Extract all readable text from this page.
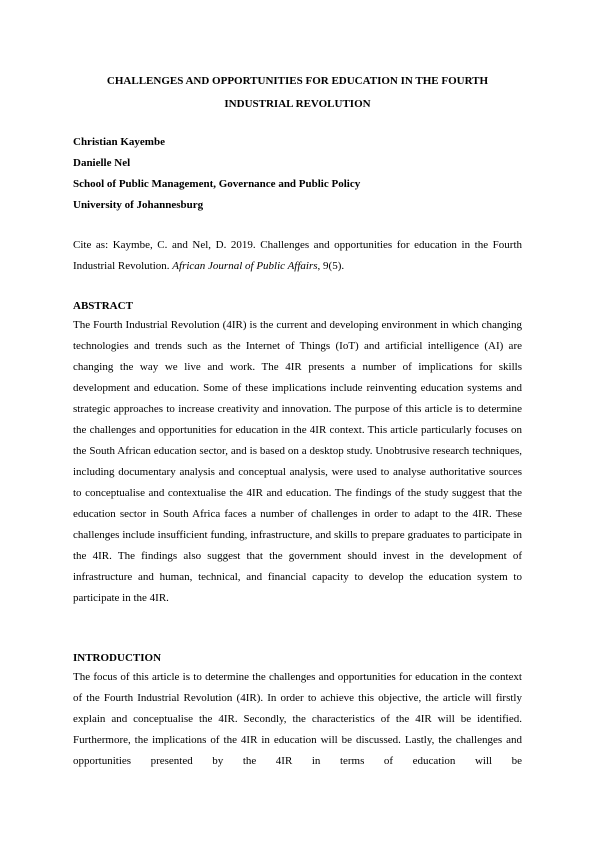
CHALLENGES AND OPPORTUNITIES FOR EDUCATION IN THE FOURTH
INDUSTRIAL REVOLUTION
Christian Kayembe
Danielle Nel
School of Public Management, Governance and Public Policy
University of Johannesburg

Cite as: Kaymbe, C. and Nel, D. 2019. Challenges and opportunities for education in the Fourth Industrial Revolution. African Journal of Public Affairs, 9(5).

ABSTRACT

The Fourth Industrial Revolution (4IR) is the current and developing environment in which changing technologies and trends such as the Internet of Things (IoT) and artificial intelligence (AI) are changing the way we live and work. The 4IR presents a number of implications for skills development and education. Some of these implications include reinventing education systems and strategic approaches to increase creativity and innovation. The purpose of this article is to determine the challenges and opportunities for education in the 4IR context. This article particularly focuses on the South African education sector, and is based on a desktop study. Unobtrusive research techniques, including documentary analysis and conceptual analysis, were used to analyse authoritative sources to conceptualise and contextualise the 4IR and education. The findings of the study suggest that the education sector in South Africa faces a number of challenges in order to adapt to the 4IR. These challenges include insufficient funding, infrastructure, and skills to prepare graduates to participate in the 4IR. The findings also suggest that the government should invest in the development of infrastructure and human, technical, and financial capacity to develop the education system to participate in the 4IR.

INTRODUCTION

The focus of this article is to determine the challenges and opportunities for education in the context of the Fourth Industrial Revolution (4IR). In order to achieve this objective, the article will firstly explain and conceptualise the 4IR. Secondly, the characteristics of the 4IR will be identified. Furthermore, the implications of the 4IR in education will be discussed. Lastly, the challenges and opportunities presented by the 4IR in terms of education will be
